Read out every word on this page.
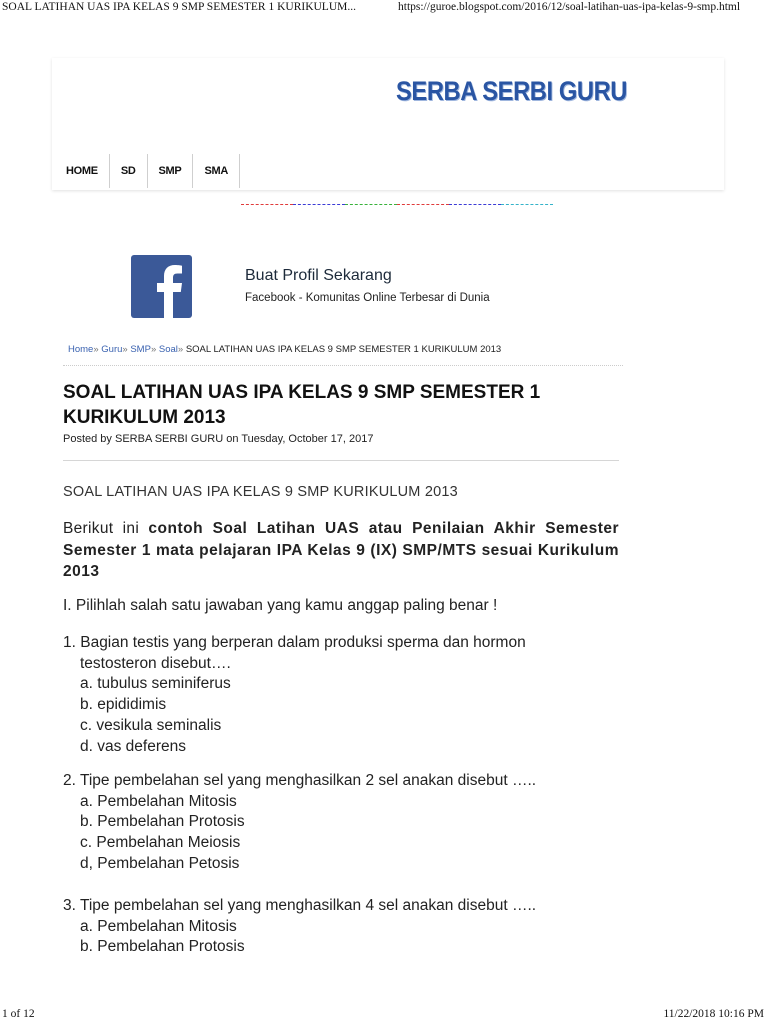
SOAL LATIHAN UAS IPA KELAS 9 SMP SEMESTER 1 KURIKULUM...	https://guroe.blogspot.com/2016/12/soal-latihan-uas-ipa-kelas-9-smp.html
SERBA SERBI GURU
HOME	SD	SMP	SMA
Buat Profil Sekarang
Facebook - Komunitas Online Terbesar di Dunia
Home» Guru» SMP» Soal» SOAL LATIHAN UAS IPA KELAS 9 SMP SEMESTER 1 KURIKULUM 2013
SOAL LATIHAN UAS IPA KELAS 9 SMP SEMESTER 1 KURIKULUM 2013
Posted by SERBA SERBI GURU on Tuesday, October 17, 2017
SOAL LATIHAN UAS IPA KELAS 9 SMP KURIKULUM 2013
Berikut ini contoh Soal Latihan UAS atau Penilaian Akhir Semester Semester 1 mata pelajaran IPA Kelas 9 (IX) SMP/MTS sesuai Kurikulum 2013
I. Pilihlah salah satu jawaban yang kamu anggap paling benar !
1. Bagian testis yang berperan dalam produksi sperma dan hormon
testosteron disebut….
a. tubulus seminiferus
b. epididimis
c. vesikula seminalis
d. vas deferens
2. Tipe pembelahan sel yang menghasilkan 2 sel anakan disebut …..
a. Pembelahan Mitosis
b. Pembelahan Protosis
c. Pembelahan Meiosis
d, Pembelahan Petosis
3. Tipe pembelahan sel yang menghasilkan 4 sel anakan disebut …..
a. Pembelahan Mitosis
b. Pembelahan Protosis
1 of 12	11/22/2018 10:16 PM
